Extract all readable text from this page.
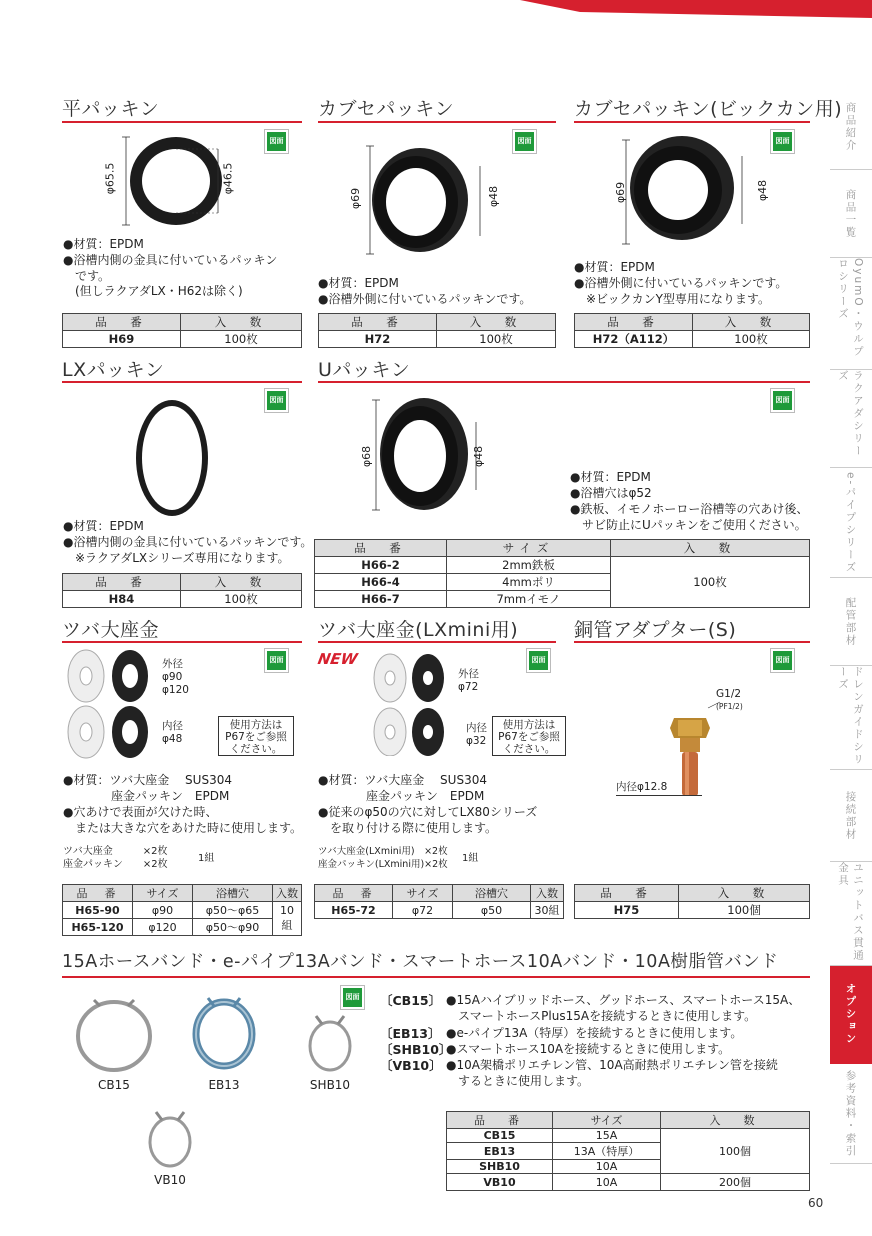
商品紹介
商品一覧
OyumO・ウルプロシリーズ
ラクアダシリーズ
e-パイプシリーズ
配管部材
ドレンガイドシリーズ
接続部材
ユニットバス貫通金具
オプション
参考資料・索引
平パッキン
図面
φ65.5	φ46.5
●材質：EPDM
●浴槽内側の金具に付いているパッキン
　です。
　(但しラクアダLX・H62は除く)
品　番	入　数
H69	100枚
カブセパッキン
図面
φ69	φ48
●材質：EPDM
●浴槽外側に付いているパッキンです。
品　番	入　数
H72	100枚
カブセパッキン(ビックカン用)
図面
φ69	φ48
●材質：EPDM
●浴槽外側に付いているパッキンです。
　※ビックカンY型専用になります。
品　番	入　数
H72（A112）	100枚
LXパッキン
図面
●材質：EPDM
●浴槽内側の金具に付いているパッキンです。
　※ラクアダLXシリーズ専用になります。
品　番	入　数
H84	100枚
Uパッキン
図面
φ68	φ48
●材質：EPDM
●浴槽穴はφ52
●鉄板、イモノホーロー浴槽等の穴あけ後、
　サビ防止にUパッキンをご使用ください。
品　番	サイズ	入　数
H66-2	2mm鉄板	100枚
H66-4	4mmポリ	
H66-7	7mmイモノ	
ツバ大座金
図面
外径
φ90
φ120
内径
φ48
使用方法は
P67をご参照
ください。
●材質：ツバ大座金　 SUS304
　　　　座金パッキン　EPDM
●穴あけで表面が欠けた時、
　または大きな穴をあけた時に使用します。
ツバ大座金　　　×2枚
座金パッキン　　×2枚
1組
品　番	サイズ	浴槽穴	入数
H65-90	φ90	φ50〜φ65	10組
H65-120	φ120	φ50〜φ90	
ツバ大座金(LXmini用)
図面
NEW
外径
φ72
内径
φ32
使用方法は
P67をご参照
ください。
●材質：ツバ大座金　 SUS304
　　　　座金パッキン　EPDM
●従来のφ50の穴に対してLX80シリーズ
　を取り付ける際に使用します。
ツバ大座金(LXmini用)　×2枚
座金パッキン(LXmini用)×2枚
1組
品　番	サイズ	浴槽穴	入数
H65-72	φ72	φ50	30組
銅管アダプター(S)
図面
G1/2
(PF1/2)
内径φ12.8
品　番	入　数
H75	100個
15Aホースバンド・e-パイプ13Aバンド・スマートホース10Aバンド・10A樹脂管バンド
図面
CB15	EB13	SHB10
VB10
〔CB15〕 ●15Aハイブリッドホース、グッドホース、スマートホース15A、
　スマートホースPlus15Aを接続するときに使用します。
〔EB13〕 ●e-パイプ13A（特厚）を接続するときに使用します。
〔SHB10〕
●スマートホース10Aを接続するときに使用します。
〔VB10〕 ●10A架橋ポリエチレン管、10A高耐熱ポリエチレン管を接続
　するときに使用します。
品　番	サイズ	入　数
CB15	15A	100個
EB13	13A（特厚）	
SHB10	10A	
VB10	10A	200個
60
